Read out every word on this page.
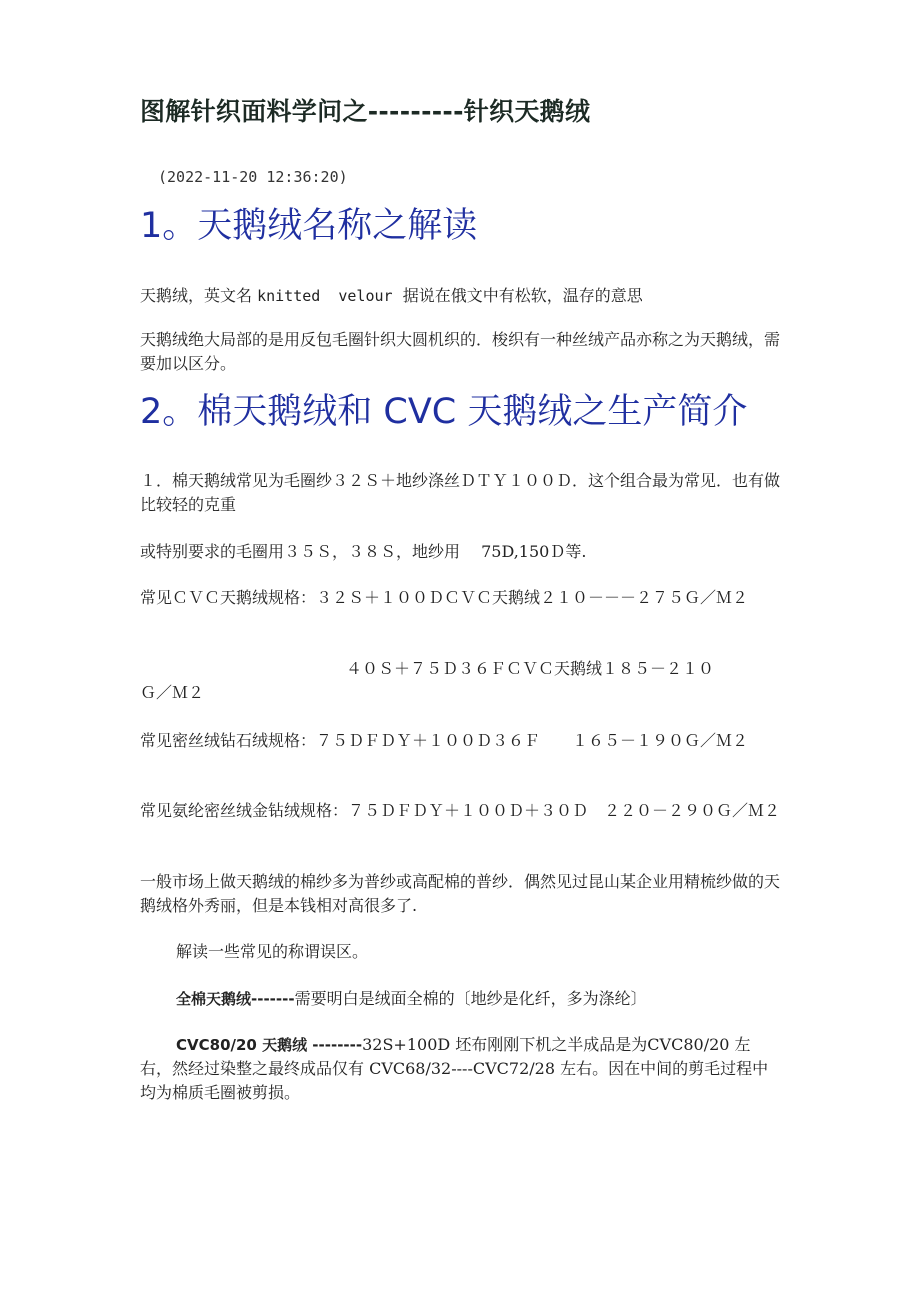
图解针织面料学问之---------针织天鹅绒
(2022-11-20 12:36:20)
1。天鹅绒名称之解读

天鹅绒，英文名 knitted  velour  据说在俄文中有松软，温存的意思

天鹅绒绝大局部的是用反包毛圈针织大圆机织的．梭织有一种丝绒产品亦称之为天鹅绒，需要加以区分。

2。棉天鹅绒和 CVC 天鹅绒之生产简介

１．棉天鹅绒常见为毛圈纱３２Ｓ＋地纱涤丝ＤＴＹ１００Ｄ．这个组合最为常见．也有做比较轻的克重

或特别要求的毛圈用３５Ｓ，３８Ｓ，地纱用　 75D,150Ｄ等.

常见ＣＶＣ天鹅绒规格：３２Ｓ＋１００ＤＣＶＣ天鹅绒２１０－－－２７５Ｇ／Ｍ２

４０Ｓ＋７５Ｄ３６ＦＣＶＣ天鹅绒１８５－２１０
Ｇ／Ｍ２

常见密丝绒钻石绒规格：７５ＤＦＤＹ＋１００Ｄ３６Ｆ　　１６５－１９０Ｇ／Ｍ２

常见氨纶密丝绒金钻绒规格：７５ＤＦＤＹ＋１００Ｄ＋３０Ｄ　２２０－２９０Ｇ／Ｍ２

一般市场上做天鹅绒的棉纱多为普纱或高配棉的普纱．偶然见过昆山某企业用精梳纱做的天鹅绒格外秀丽，但是本钱相对高很多了.

解读一些常见的称谓误区。

全棉天鹅绒-------需要明白是绒面全棉的〔地纱是化纤，多为涤纶〕

CVC80/20 天鹅绒 --------32S+100D 坯布刚刚下机之半成品是为CVC80/20 左右，然经过染整之最终成品仅有 CVC68/32----CVC72/28 左右。因在中间的剪毛过程中均为棉质毛圈被剪损。
